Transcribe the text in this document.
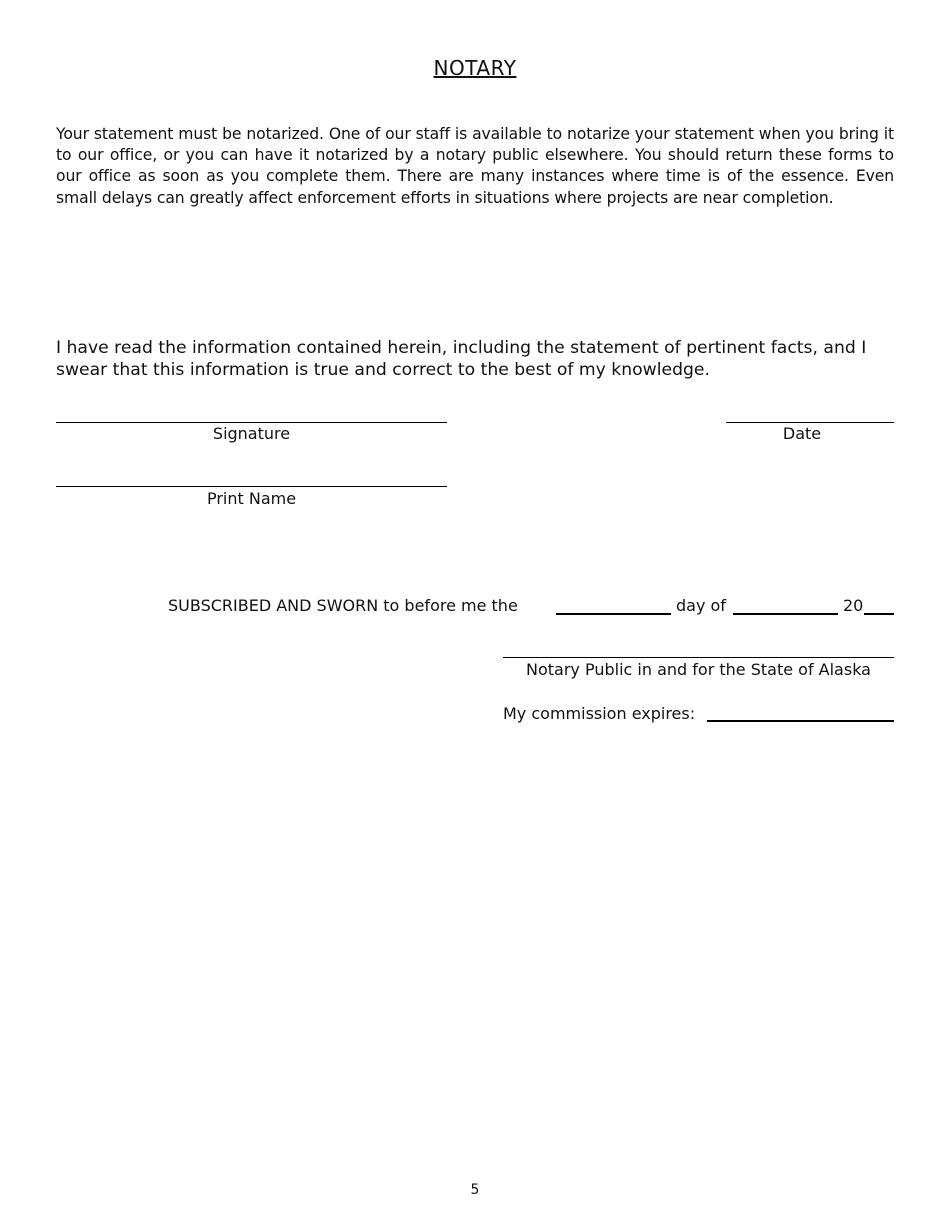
NOTARY
Your statement must be notarized. One of our staff is available to notarize your statement when you bring it to our office, or you can have it notarized by a notary public elsewhere. You should return these forms to our office as soon as you complete them. There are many instances where time is of the essence. Even small delays can greatly affect enforcement efforts in situations where projects are near completion.
I have read the information contained herein, including the statement of pertinent facts, and I swear that this information is true and correct to the best of my knowledge.
Signature	Date
Print Name
SUBSCRIBED AND SWORN to before me the	day of	20
Notary Public in and for the State of Alaska
My commission expires:
5
